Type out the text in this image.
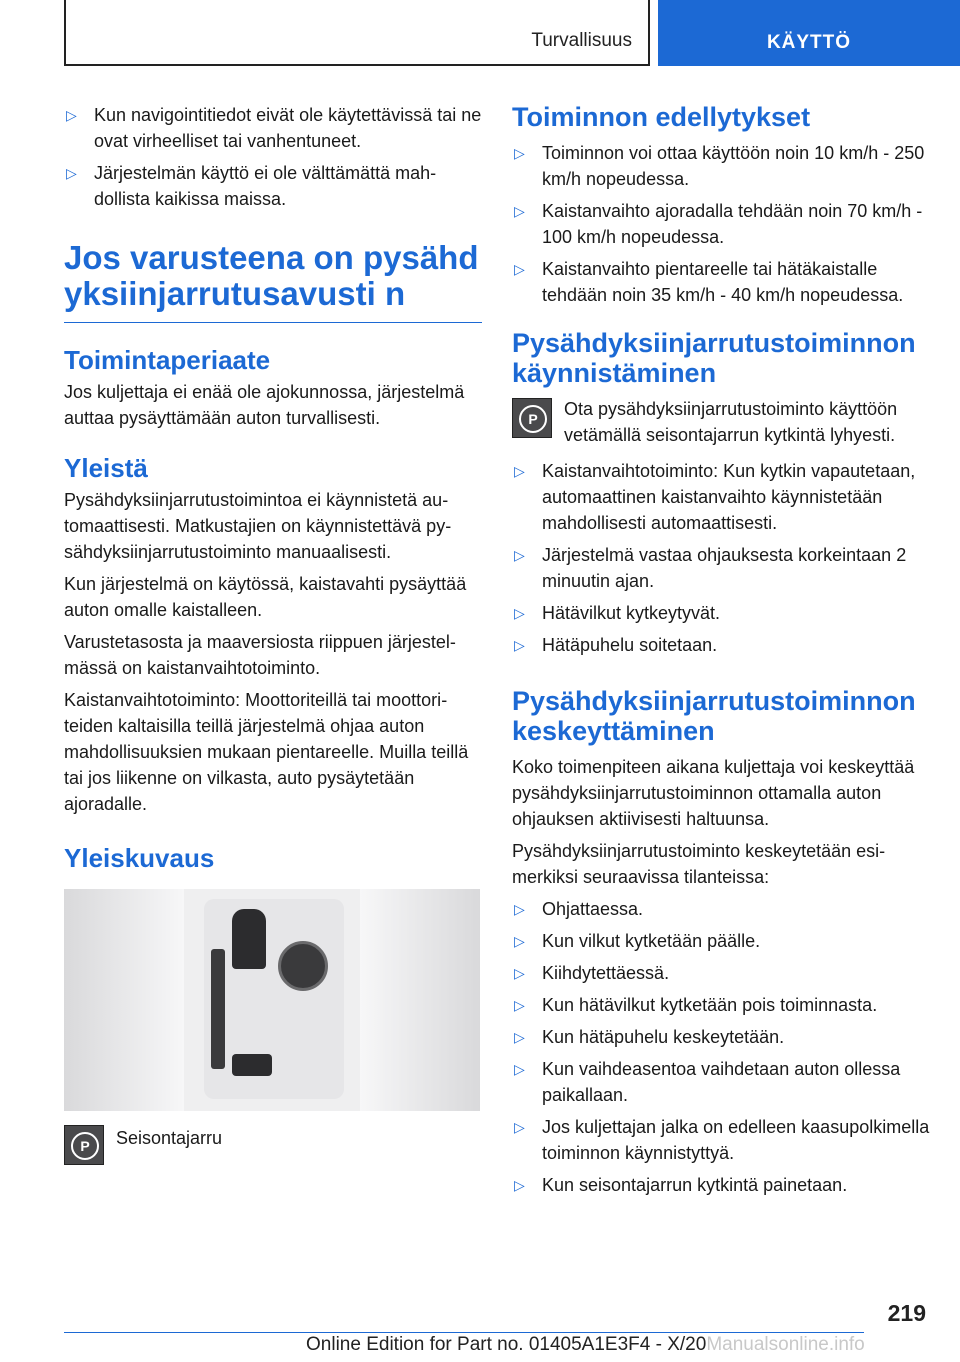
Turvallisuus	KÄYTTÖ
▷ Kun navigointitiedot eivät ole käytettävissä tai ne ovat virheelliset tai vanhentuneet.
▷ Järjestelmän käyttö ei ole välttämättä mahdollista kaikissa maissa.
Jos varusteena on pysähdyksiinjarrutusavusti n
Toimintaperiaate
Jos kuljettaja ei enää ole ajokunnossa, järjestelmä auttaa pysäyttämään auton turvallisesti.
Yleistä
Pysähdyksiinjarrutustoimintoa ei käynnistetä automaattisesti. Matkustajien on käynnistettävä pysähdyksiinjarrutustoiminto manuaalisesti.
Kun järjestelmä on käytössä, kaistavahti pysäyttää auton omalle kaistalleen.
Varustetasosta ja maaversiosta riippuen järjestelmässä on kaistanvaihtotoiminto.
Kaistanvaihtotoiminto: Moottoriteillä tai moottoriteiden kaltaisilla teillä järjestelmä ohjaa auton mahdollisuuksien mukaan pientareelle. Muilla teillä tai jos liikenne on vilkasta, auto pysäytetään ajoradalle.
Yleiskuvaus
P	Seisontajarru
Toiminnon edellytykset
▷ Toiminnon voi ottaa käyttöön noin 10 km/h - 250 km/h nopeudessa.
▷ Kaistanvaihto ajoradalla tehdään noin 70 km/h - 100 km/h nopeudessa.
▷ Kaistanvaihto pientareelle tai hätäkaistalle tehdään noin 35 km/h - 40 km/h nopeudessa.
Pysähdyksiinjarrutustoiminnon käynnistäminen
P	Ota pysähdyksiinjarrutustoiminto käyttöön vetämällä seisontajarrun kytkintä lyhyesti.
▷ Kaistanvaihtotoiminto: Kun kytkin vapautetaan, automaattinen kaistanvaihto käynnistetään mahdollisesti automaattisesti.
▷ Järjestelmä vastaa ohjauksesta korkeintaan 2 minuutin ajan.
▷ Hätävilkut kytkeytyvät.
▷ Hätäpuhelu soitetaan.
Pysähdyksiinjarrutustoiminnon keskeyttäminen
Koko toimenpiteen aikana kuljettaja voi keskeyttää pysähdyksiinjarrutustoiminnon ottamalla auton ohjauksen aktiivisesti haltuunsa.
Pysähdyksiinjarrutustoiminto keskeytetään esimerkiksi seuraavissa tilanteissa:
▷ Ohjattaessa.
▷ Kun vilkut kytketään päälle.
▷ Kiihdytettäessä.
▷ Kun hätävilkut kytketään pois toiminnasta.
▷ Kun hätäpuhelu keskeytetään.
▷ Kun vaihdeasentoa vaihdetaan auton ollessa paikallaan.
▷ Jos kuljettajan jalka on edelleen kaasupolkimella toiminnon käynnistyttyä.
▷ Kun seisontajarrun kytkintä painetaan.
219
Online Edition for Part no. 01405A1E3F4 - X/20Manualsonline.info
